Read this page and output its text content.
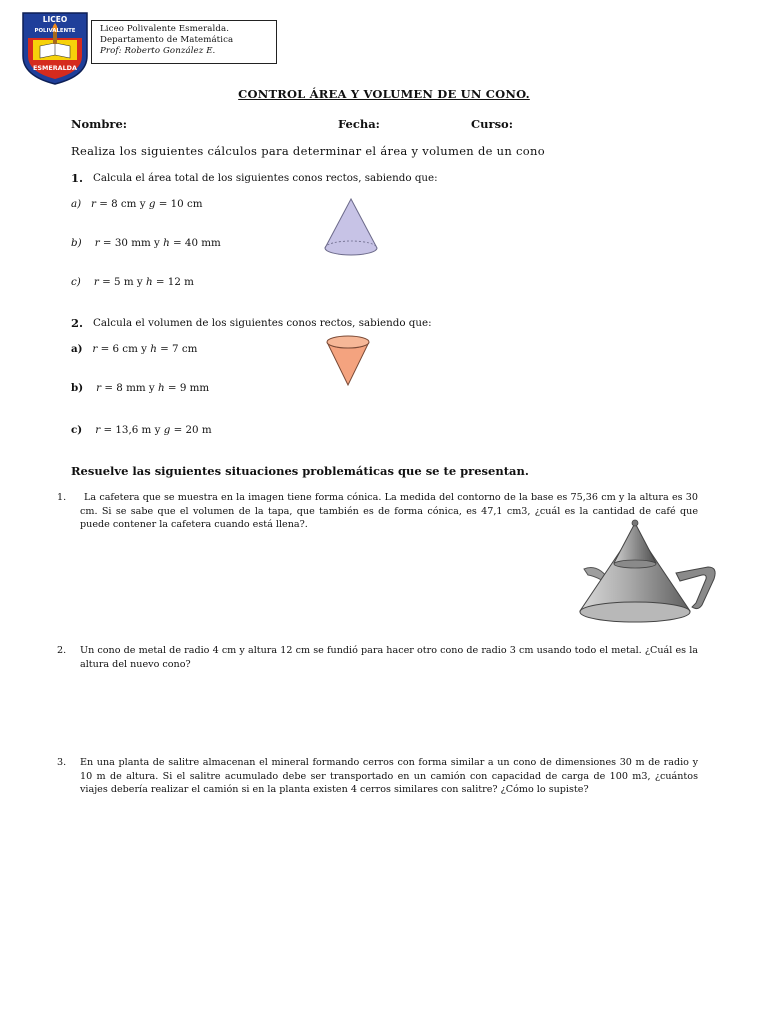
LICEO
POLIVALENTE
ESMERALDA
Liceo Polivalente Esmeralda.
Departamento de Matemática
Prof: Roberto González E.
CONTROL ÁREA Y VOLUMEN DE UN CONO.
Nombre:	Fecha:	Curso:
Realiza los siguientes cálculos para determinar el área y volumen de un cono
1. Calcula el área total de los siguientes conos rectos, sabiendo que:
a) r = 8 cm y g = 10 cm
b) r = 30 mm y h = 40 mm
c) r = 5 m y h = 12 m
2. Calcula el volumen de los siguientes conos rectos, sabiendo que:
a) r = 6 cm y h = 7 cm
b) r = 8 mm y h = 9 mm
c) r = 13,6 m y g = 20 m
Resuelve las siguientes situaciones problemáticas que se te presentan.
1.	La cafetera que se muestra en la imagen tiene forma cónica. La medida del contorno de la base es 75,36 cm y la altura es 30 cm. Si se sabe que el volumen de la tapa, que también es de forma cónica, es 47,1 cm3, ¿cuál es la cantidad de café que puede contener la cafetera cuando está llena?.
2. Un cono de metal de radio 4 cm y altura 12 cm se fundió para hacer otro cono de radio 3 cm usando todo el metal. ¿Cuál es la altura del nuevo cono?
3. En una planta de salitre almacenan el mineral formando cerros con forma similar a un cono de dimensiones 30 m de radio y 10 m de altura. Si el salitre acumulado debe ser transportado en un camión con capacidad de carga de 100 m3, ¿cuántos viajes debería realizar el camión si en la planta existen 4 cerros similares con salitre? ¿Cómo lo supiste?
